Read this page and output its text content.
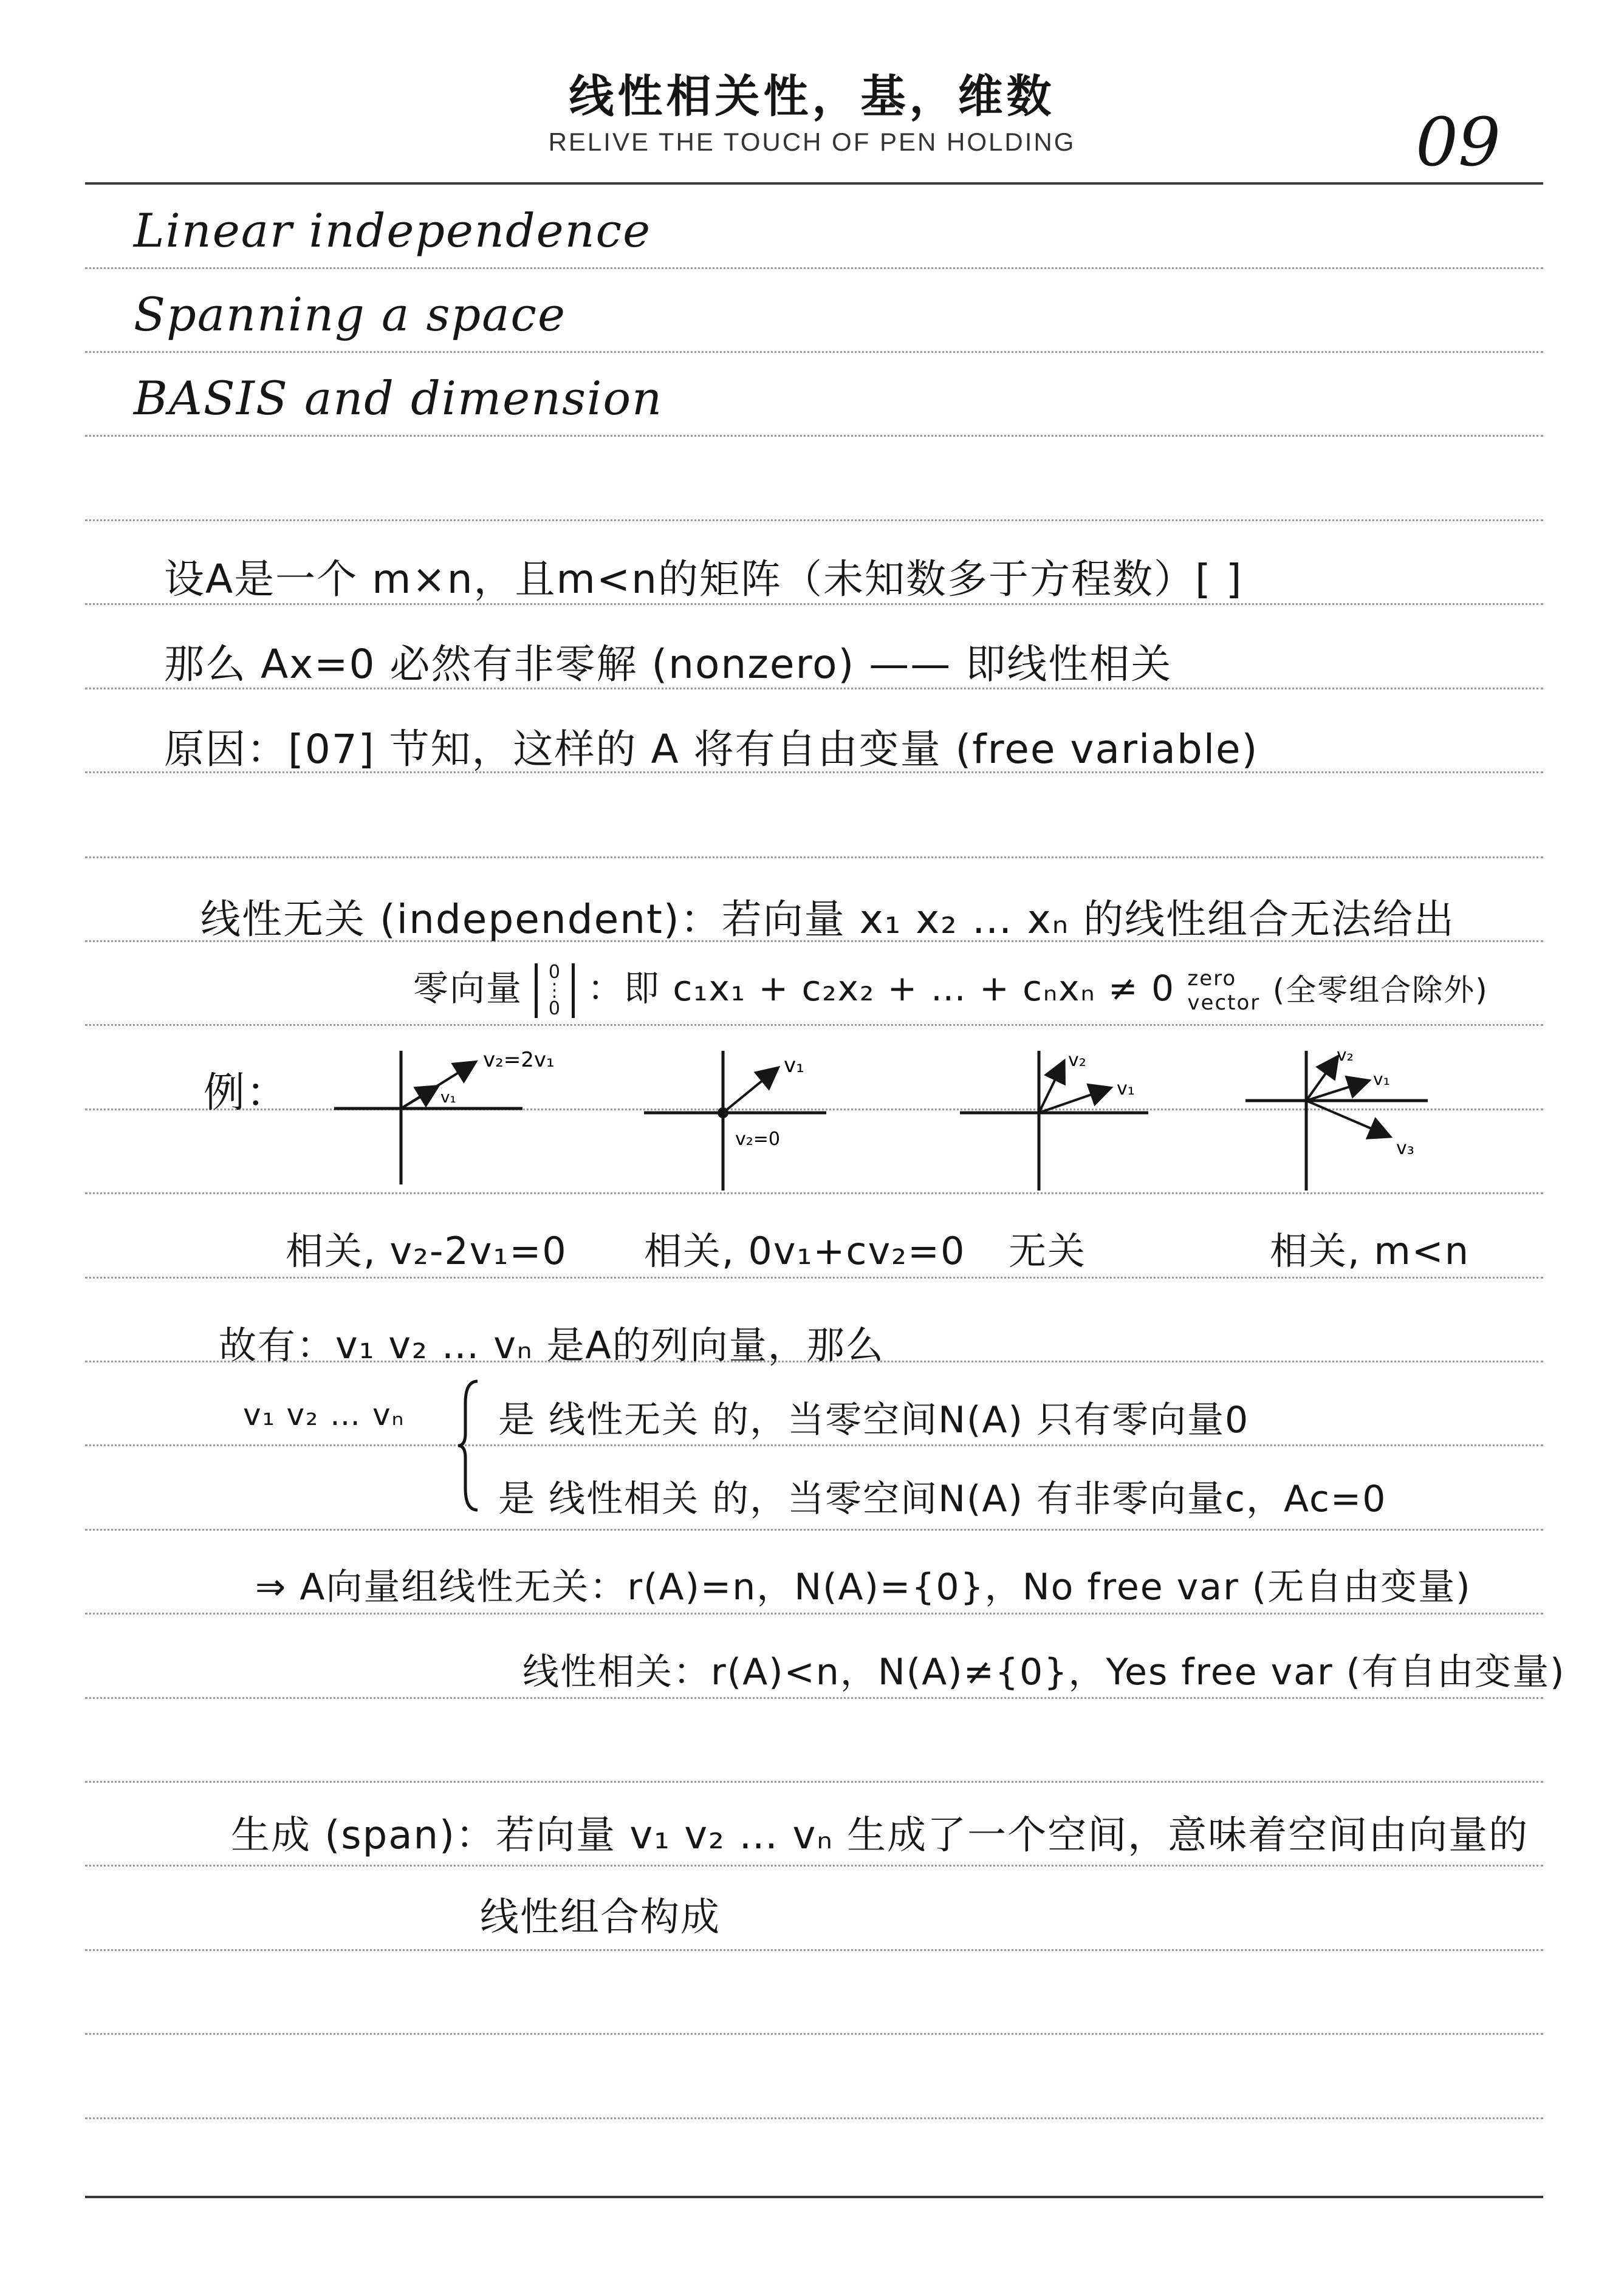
线性相关性，基，维数
RELIVE THE TOUCH OF PEN HOLDING	09
Linear independence
Spanning a space
BASIS and dimension
设A是一个 m×n，且m<n的矩阵（未知数多于方程数）[ ]
那么 Ax=0 必然有非零解 (nonzero) —— 即线性相关
原因：[07] 节知，这样的 A 将有自由变量 (free variable)
线性无关 (independent)：若向量 x₁ x₂ … xₙ 的线性组合无法给出
零向量 0
⋮
0 ：即 c₁x₁ + c₂x₂ + … + cₙxₙ ≠ 0 zero
vector (全零组合除外)
例：
v₂=2v₁
v₁
v₁
v₂=0
v₂
v₁
v₂
v₁
v₃
相关, v₂-2v₁=0 相关, 0v₁+cv₂=0 无关	相关, m<n
故有：v₁ v₂ … vₙ 是A的列向量，那么
v₁ v₂ … vₙ	是 线性无关 的，当零空间N(A) 只有零向量0
是 线性相关 的，当零空间N(A) 有非零向量c，Ac=0
⇒ A向量组线性无关：r(A)=n，N(A)={0}，No free var (无自由变量)
线性相关：r(A)<n，N(A)≠{0}，Yes free var (有自由变量)
生成 (span)：若向量 v₁ v₂ … vₙ 生成了一个空间，意味着空间由向量的
线性组合构成
